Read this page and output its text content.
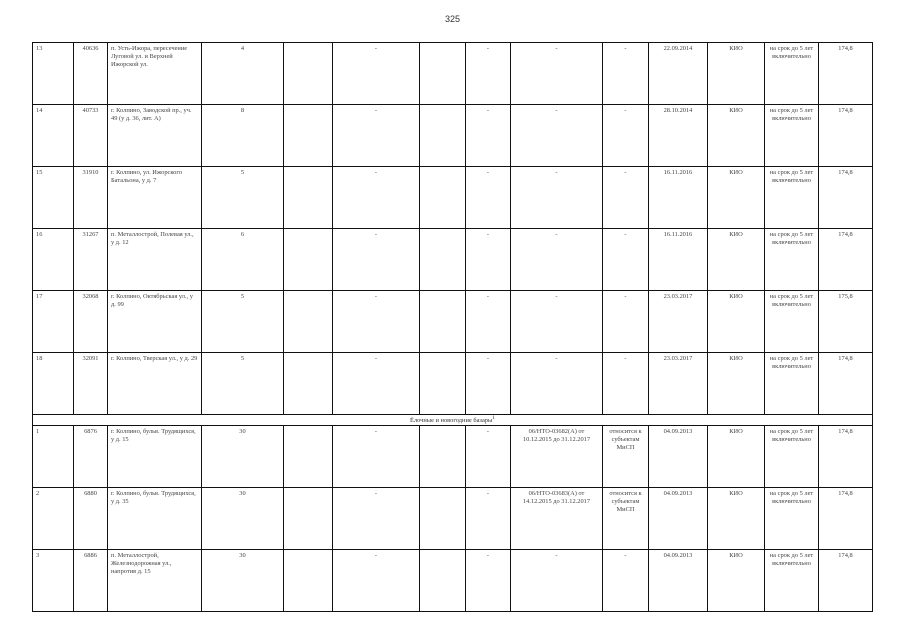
325
13	40636	п. Усть-Ижора, пересечение Луговой ул. и Верхней Ижорской ул.	4		-		-	-	-	22.09.2014	КИО	на срок до 5 лет включительно	174,8	
14	40733	г. Колпино, Заводской пр., уч. 49 (у д. 36, лит. А)	8		-		-	-	-	28.10.2014	КИО	на срок до 5 лет включительно	174,8	
15	31910	г. Колпино, ул. Ижорского Батальона, у д. 7	5		-		-	-	-	16.11.2016	КИО	на срок до 5 лет включительно	174,8	
16	31267	п. Металлострой, Полевая ул., у д. 12	6		-		-	-	-	16.11.2016	КИО	на срок до 5 лет включительно	174,8	
17	32068	г. Колпино, Октябрьская ул., у д. 99	5		-		-	-	-	23.03.2017	КИО	на срок до 5 лет включительно	175,8	
18	32091	г. Колпино, Тверская ул., у д. 29	5		-		-	-	-	23.03.2017	КИО	на срок до 5 лет включительно	174,8	
Ёлочные и новогодние базары$^1$
1	6876	г. Колпино, бульв. Трудящихся, у д. 15	30		-		-	06/НТО-03682(А) от 10.12.2015 до 31.12.2017	относится к субъектам МиСП	04.09.2013	КИО	на срок до 5 лет включительно	174,8	
2	6880	г. Колпино, бульв. Трудящихся, у д. 35	30		-		-	06/НТО-03683(А) от 14.12.2015 до 31.12.2017	относится к субъектам МиСП	04.09.2013	КИО	на срок до 5 лет включительно	174,8	
3	6886	п. Металлострой, Железнодорожная ул., напротив д. 15	30		-		-	-	-	04.09.2013	КИО	на срок до 5 лет включительно	174,8	
